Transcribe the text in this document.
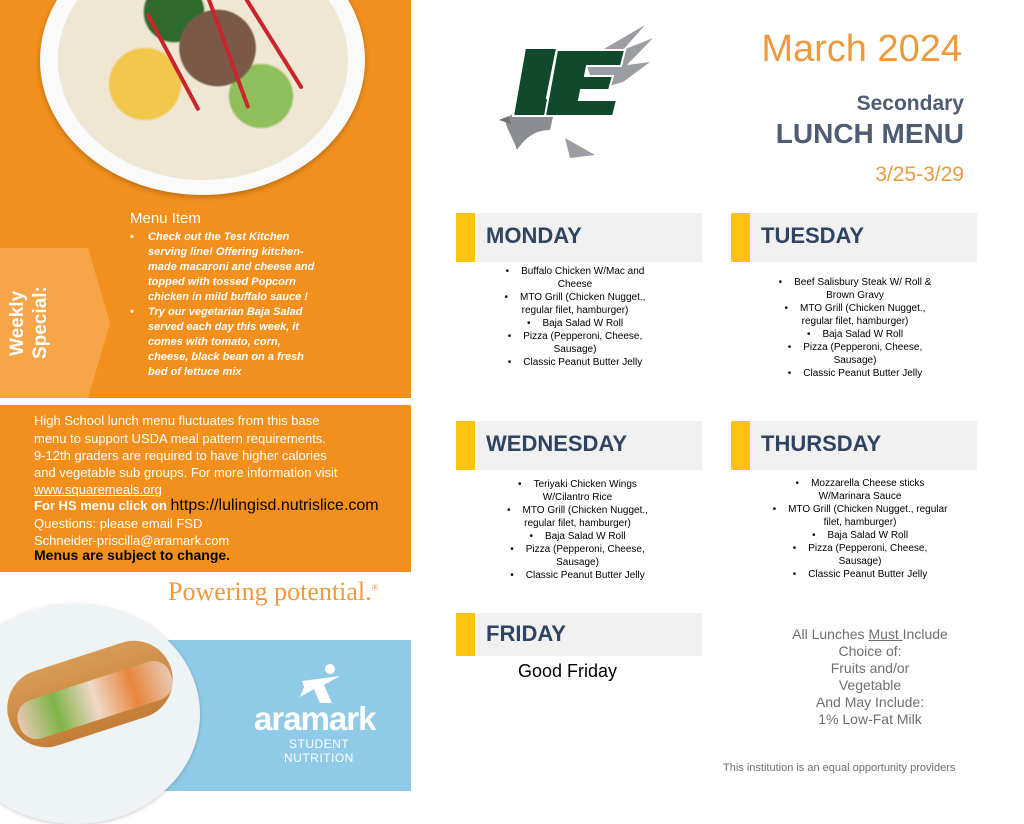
Weekly Special:
Menu Item
• Check out the Test Kitchen serving line! Offering kitchen-made macaroni and cheese and topped with tossed Popcorn chicken in mild buffalo sauce !
• Try our vegetarian Baja Salad served each day this week, it comes with tomato, corn, cheese, black bean on a fresh bed of lettuce mix
High School lunch menu fluctuates from this base
menu to support USDA meal pattern requirements.
9-12th graders are required to have higher calories
and vegetable sub groups. For more information visit
www.squaremeals.org
For HS menu click on https://lulingisd.nutrislice.com
Questions: please email FSD
Schneider-priscilla@aramark.com
Menus are subject to change.
Powering potential.®
aramark
STUDENT
NUTRITION
March 2024
Secondary
LUNCH MENU
3/25-3/29
MONDAY
• Buffalo Chicken W/Mac and Cheese
• MTO Grill (Chicken Nugget., regular filet, hamburger)
• Baja Salad W Roll
• Pizza (Pepperoni, Cheese, Sausage)
• Classic Peanut Butter Jelly
TUESDAY
• Beef Salisbury Steak W/ Roll & Brown Gravy
• MTO Grill (Chicken Nugget., regular filet, hamburger)
• Baja Salad W Roll
• Pizza (Pepperoni, Cheese, Sausage)
• Classic Peanut Butter Jelly
WEDNESDAY
• Teriyaki Chicken Wings W/Cilantro Rice
• MTO Grill (Chicken Nugget., regular filet, hamburger)
• Baja Salad W Roll
• Pizza (Pepperoni, Cheese, Sausage)
• Classic Peanut Butter Jelly
THURSDAY
• Mozzarella Cheese sticks W/Marinara Sauce
• MTO Grill (Chicken Nugget., regular filet, hamburger)
• Baja Salad W Roll
• Pizza (Pepperoni, Cheese, Sausage)
• Classic Peanut Butter Jelly
FRIDAY
Good Friday
All Lunches Must Include
Choice of:
Fruits and/or
Vegetable
And May Include:
1% Low-Fat Milk
This institution is an equal opportunity providers
